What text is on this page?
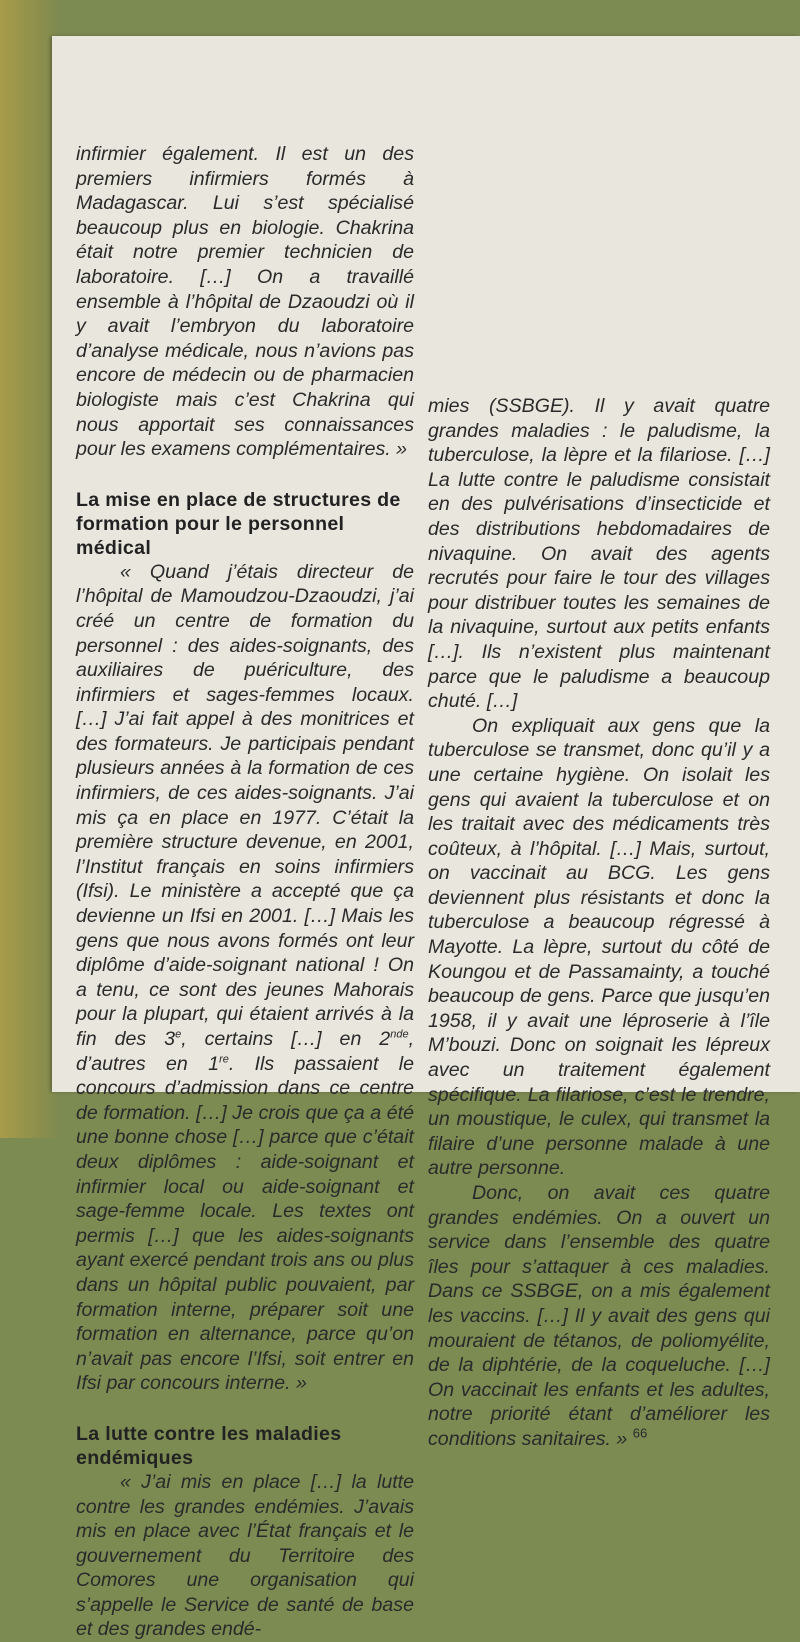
infirmier également. Il est un des premiers infirmiers formés à Madagascar. Lui s’est spécialisé beaucoup plus en biologie. Chakrina était notre premier technicien de laboratoire. […] On a travaillé ensemble à l’hôpital de Dzaoudzi où il y avait l’embryon du laboratoire d’analyse médicale, nous n’avions pas encore de médecin ou de pharmacien biologiste mais c’est Chakrina qui nous apportait ses connaissances pour les examens complémentaires. »

La mise en place de structures de formation pour le personnel médical

« Quand j’étais directeur de l’hôpital de Mamoudzou-Dzaoudzi, j’ai créé un centre de formation du personnel : des aides-soignants, des auxiliaires de puériculture, des infirmiers et sages-femmes locaux. […] J’ai fait appel à des monitrices et des formateurs. Je participais pendant plusieurs années à la formation de ces infirmiers, de ces aides-soignants. J’ai mis ça en place en 1977. C’était la première structure devenue, en 2001, l’Institut français en soins infirmiers (Ifsi). Le ministère a accepté que ça devienne un Ifsi en 2001. […] Mais les gens que nous avons formés ont leur diplôme d’aide-soignant national ! On a tenu, ce sont des jeunes Mahorais pour la plupart, qui étaient arrivés à la fin des 3e, certains […] en 2nde, d’autres en 1re. Ils passaient le concours d’admission dans ce centre de formation. […] Je crois que ça a été une bonne chose […] parce que c’était deux diplômes : aide-soignant et infirmier local ou aide-soignant et sage-femme locale. Les textes ont permis […] que les aides-soignants ayant exercé pendant trois ans ou plus dans un hôpital public pouvaient, par formation interne, préparer soit une formation en alternance, parce qu’on n’avait pas encore l’Ifsi, soit entrer en Ifsi par concours interne. »

La lutte contre les maladies endémiques

« J’ai mis en place […] la lutte contre les grandes endémies. J’avais mis en place avec l’État français et le gouvernement du Territoire des Comores une organisation qui s’appelle le Service de santé de base et des grandes endé-

mies (SSBGE). Il y avait quatre grandes maladies : le paludisme, la tuberculose, la lèpre et la filariose. […] La lutte contre le paludisme consistait en des pulvérisations d’insecticide et des distributions hebdomadaires de nivaquine. On avait des agents recrutés pour faire le tour des villages pour distribuer toutes les semaines de la nivaquine, surtout aux petits enfants […]. Ils n’existent plus maintenant parce que le paludisme a beaucoup chuté. […]

On expliquait aux gens que la tuberculose se transmet, donc qu’il y a une certaine hygiène. On isolait les gens qui avaient la tuberculose et on les traitait avec des médicaments très coûteux, à l’hôpital. […] Mais, surtout, on vaccinait au BCG. Les gens deviennent plus résistants et donc la tuberculose a beaucoup régressé à Mayotte. La lèpre, surtout du côté de Koungou et de Passamainty, a touché beaucoup de gens. Parce que jusqu’en 1958, il y avait une léproserie à l’île M’bouzi. Donc on soignait les lépreux avec un traitement également spécifique. La filariose, c’est le trendre, un moustique, le culex, qui transmet la filaire d’une personne malade à une autre personne.

Donc, on avait ces quatre grandes endémies. On a ouvert un service dans l’ensemble des quatre îles pour s’attaquer à ces maladies. Dans ce SSBGE, on a mis également les vaccins. […] Il y avait des gens qui mouraient de tétanos, de poliomyélite, de la diphtérie, de la coqueluche. […] On vaccinait les enfants et les adultes, notre priorité étant d’améliorer les conditions sanitaires. » $^{66}$
